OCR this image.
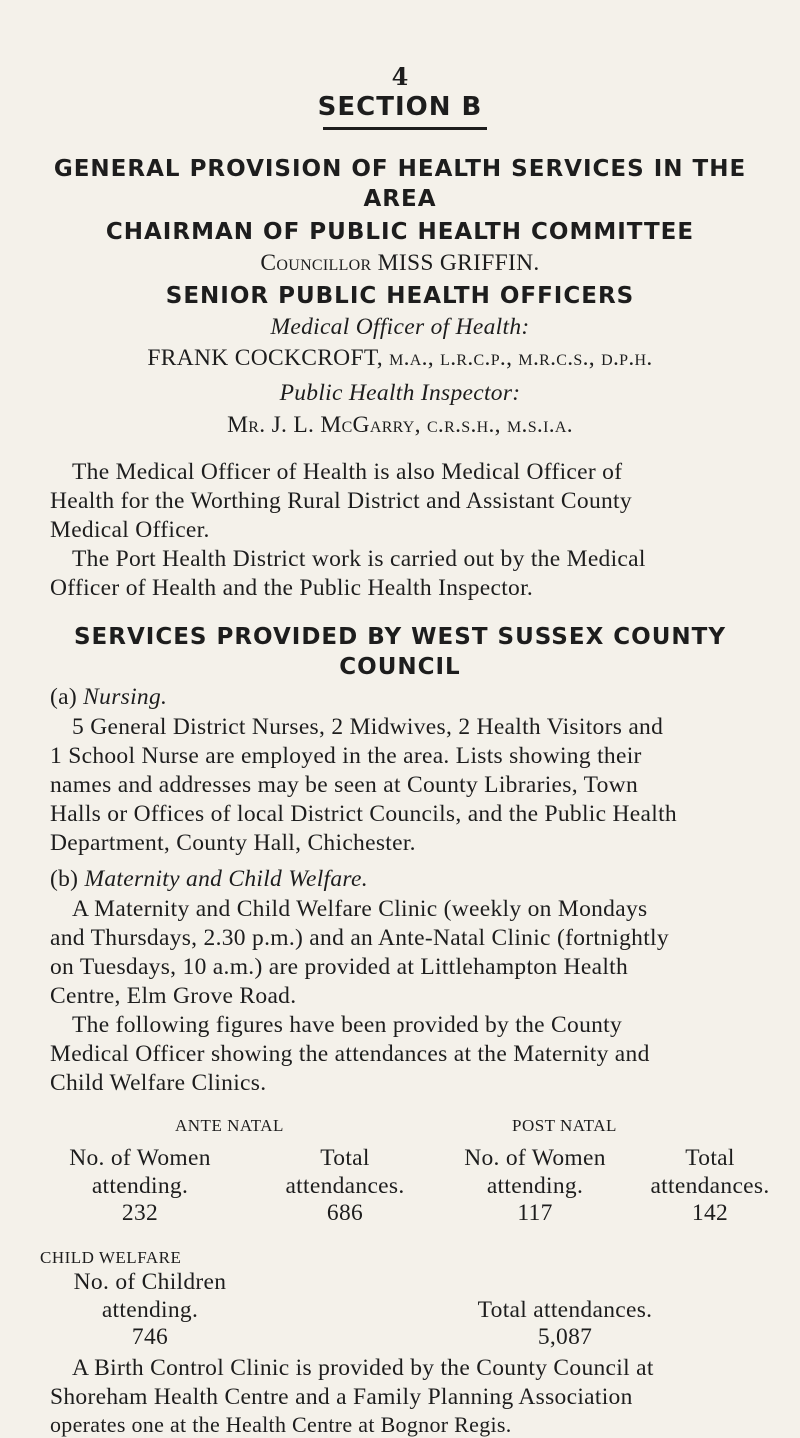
4
SECTION B
GENERAL PROVISION OF HEALTH SERVICES IN THE
AREA
CHAIRMAN OF PUBLIC HEALTH COMMITTEE
Councillor MISS GRIFFIN.
SENIOR PUBLIC HEALTH OFFICERS
Medical Officer of Health:
FRANK COCKCROFT, m.a., l.r.c.p., m.r.c.s., d.p.h.
Public Health Inspector:
Mr. J. L. McGarry, c.r.s.h., m.s.i.a.
The Medical Officer of Health is also Medical Officer of
Health for the Worthing Rural District and Assistant County
Medical Officer.
The Port Health District work is carried out by the Medical
Officer of Health and the Public Health Inspector.
SERVICES PROVIDED BY WEST SUSSEX COUNTY
COUNCIL
(a) Nursing.
5 General District Nurses, 2 Midwives, 2 Health Visitors and
1 School Nurse are employed in the area. Lists showing their
names and addresses may be seen at County Libraries, Town
Halls or Offices of local District Councils, and the Public Health
Department, County Hall, Chichester.
(b) Maternity and Child Welfare.
A Maternity and Child Welfare Clinic (weekly on Mondays
and Thursdays, 2.30 p.m.) and an Ante-Natal Clinic (fortnightly
on Tuesdays, 10 a.m.) are provided at Littlehampton Health
Centre, Elm Grove Road.
The following figures have been provided by the County
Medical Officer showing the attendances at the Maternity and
Child Welfare Clinics.
ANTE NATAL	POST NATAL
No. of Women
attending.
232
Total
attendances.
686
No. of Women
attending.
117
Total
attendances.
142
CHILD WELFARE
No. of Children
attending.
746
Total attendances.
5,087
A Birth Control Clinic is provided by the County Council at
Shoreham Health Centre and a Family Planning Association
operates one at the Health Centre at Bognor Regis.
